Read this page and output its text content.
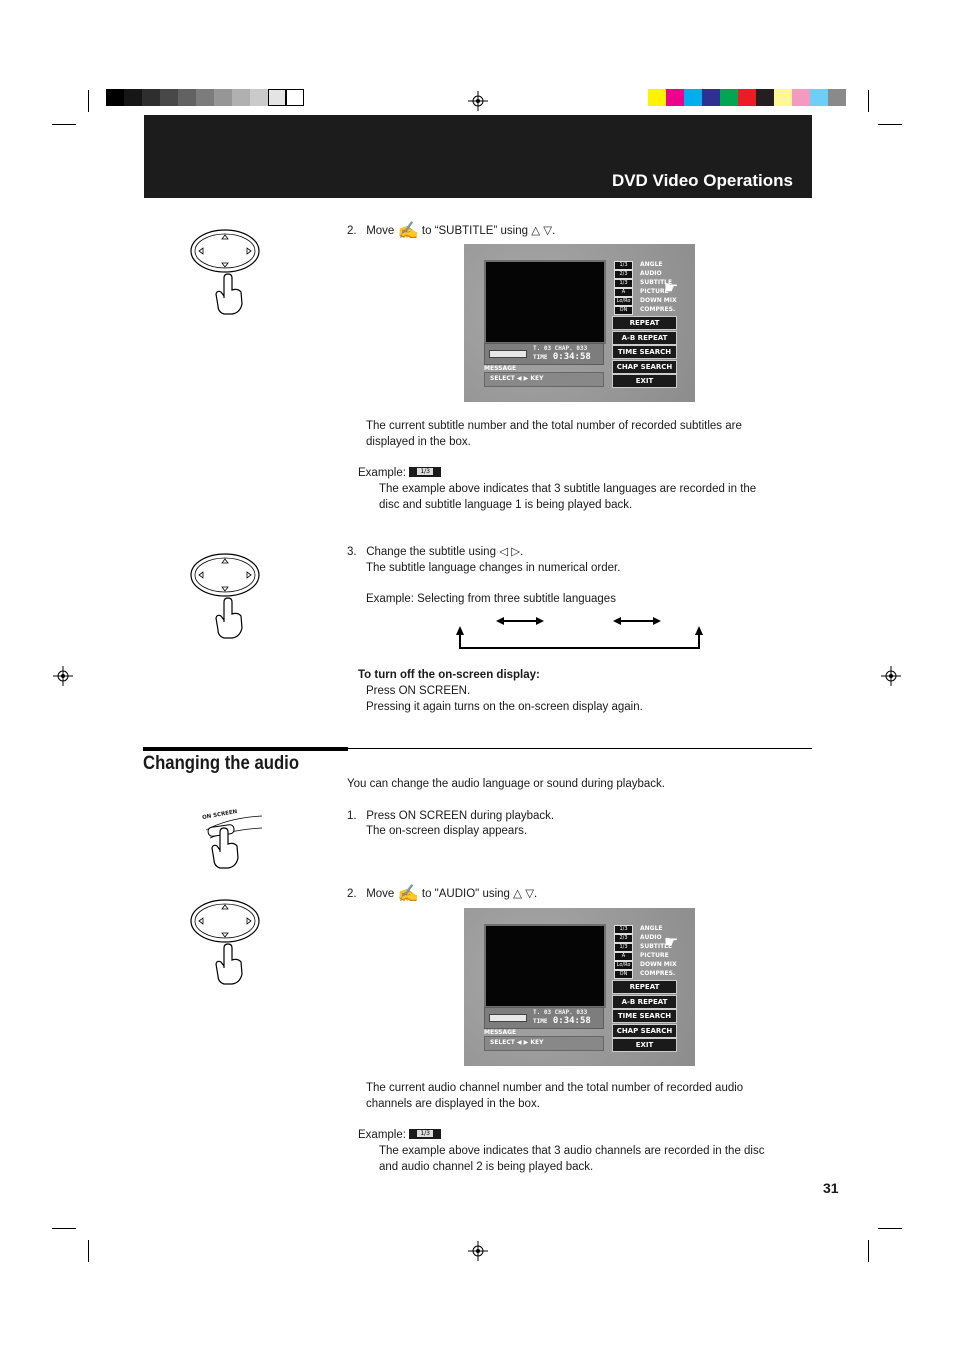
DVD Video Operations
2. Move ✍ to “SUBTITLE” using △ ▽.
T. 03 CHAP. 033
TIME 0:34:58
MESSAGE
SELECT ◀ ▶ KEY
1/3	ANGLE
2/3	AUDIO
1/3	SUBTITLE
A	PICTURE
Lo/Ro	DOWN MIX
ON	COMPRES.
REPEAT
A-B REPEAT
TIME SEARCH
CHAP SEARCH
EXIT
☛
The current subtitle number and the total number of recorded subtitles are
displayed in the box.
Example:	1/3
The example above indicates that 3 subtitle languages are recorded in the
disc and subtitle language 1 is being played back.
3. Change the subtitle using ◁ ▷.
The subtitle language changes in numerical order.
Example: Selecting from three subtitle languages
To turn off the on-screen display:
Press ON SCREEN.
Pressing it again turns on the on-screen display again.
Changing the audio
You can change the audio language or sound during playback.
ON SCREEN	1. Press ON SCREEN during playback.
The on-screen display appears.
2. Move ✍ to "AUDIO" using △ ▽.
T. 03 CHAP. 033
TIME 0:34:58
MESSAGE
SELECT ◀ ▶ KEY
1/3	ANGLE
2/3	AUDIO
1/3	SUBTITLE
A	PICTURE
Lo/Ro	DOWN MIX
ON	COMPRES.
REPEAT
A-B REPEAT
TIME SEARCH
CHAP SEARCH
EXIT
☛
The current audio channel number and the total number of recorded audio
channels are displayed in the box.
Example:	1/3
The example above indicates that 3 audio channels are recorded in the disc
and audio channel 2 is being played back.
31
